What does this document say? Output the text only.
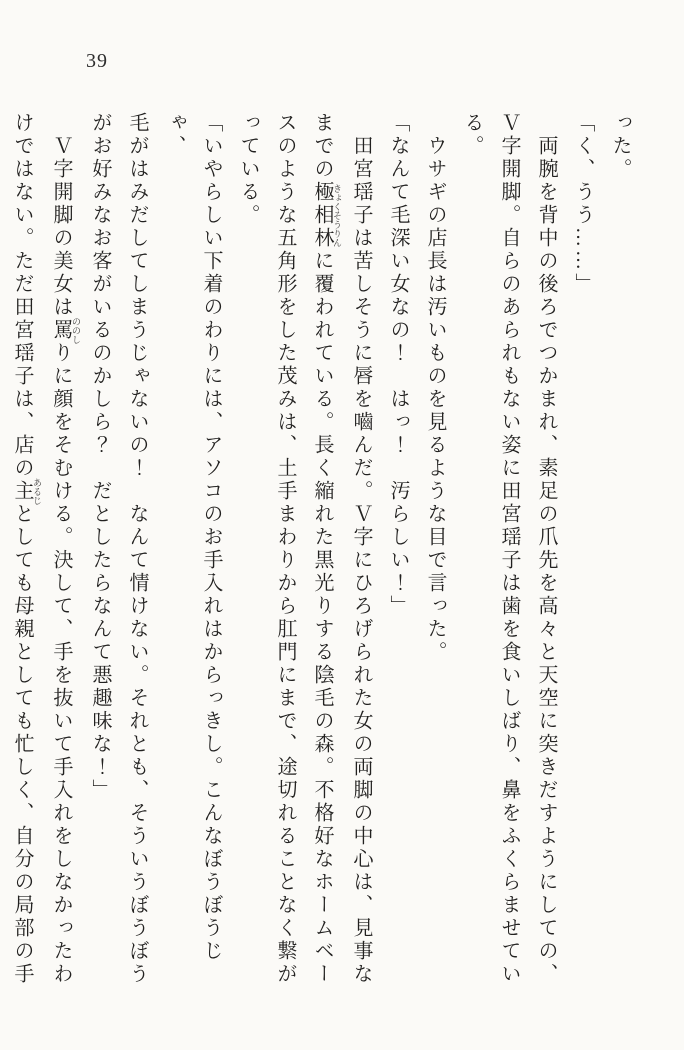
39

った。

「く、うう……」

両腕を背中の後ろでつかまれ、素足の爪先を高々と天空に突きだすようにしての、

Ｖ字開脚。自らのあられもない姿に田宮瑶子は歯を食いしばり、鼻をふくらませてい

る。

ウサギの店長は汚いものを見るような目で言った。

「なんて毛深い女なの！　はっ！　汚らしい！」

田宮瑶子は苦しそうに唇を嚙んだ。Ｖ字にひろげられた女の両脚の中心は、見事な

までの極相林 きょくそうりんに覆われている。長く縮れた黒光りする陰毛の森。不格好なホームベー

スのような五角形をした茂みは、土手まわりから肛門にまで、途切れることなく繋が

っている。

「いやらしい下着のわりには、アソコのお手入れはからっきし。こんなぼうぼうじゃ、

毛がはみだしてしまうじゃないの！　なんて情けない。それとも、そういうぼうぼう

がお好みなお客がいるのかしら？　だとしたらなんて悪趣味な！」

Ｖ字開脚の美女は罵 ののしりに顔をそむける。決して、手を抜いて手入れをしなかったわ

けではない。ただ田宮瑶子は、店の主 あるじとしても母親としても忙しく、自分の局部の手
